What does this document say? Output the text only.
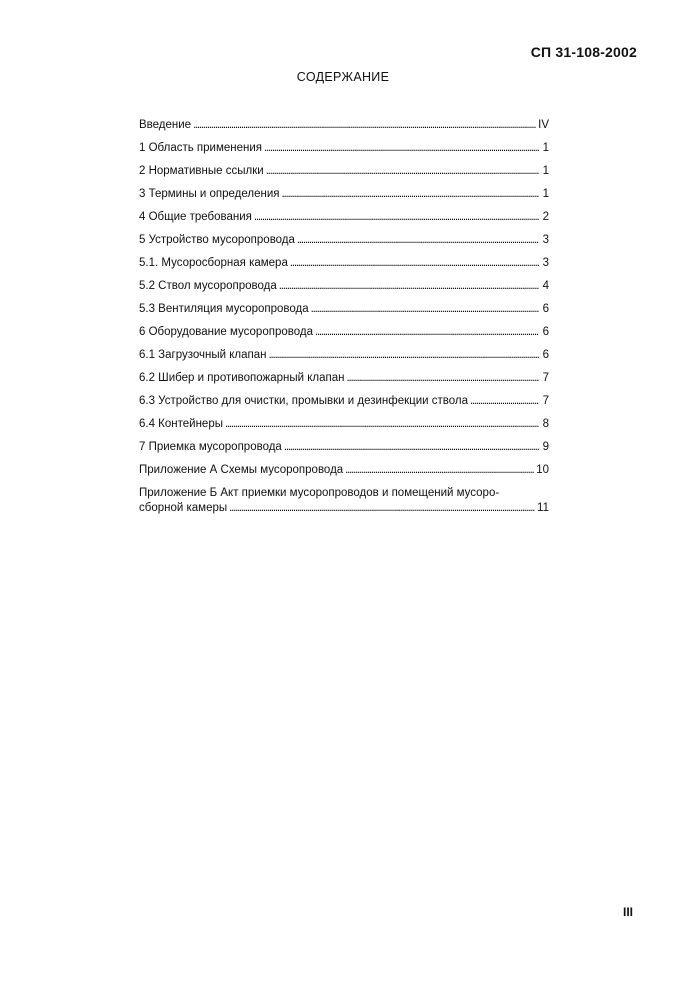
СП 31-108-2002
СОДЕРЖАНИЕ
Введение . . .	IV
1 Область применения . . .	1
2 Нормативные ссылки . . .	1
3 Термины и определения . . .	1
4 Общие требования . . .	2
5 Устройство мусоропровода . . .	3
5.1. Мусоросборная камера . . .	3
5.2 Ствол мусоропровода . . .	4
5.3 Вентиляция мусоропровода . . .	6
6 Оборудование мусоропровода . . .	6
6.1 Загрузочный клапан . . .	6
6.2 Шибер и противопожарный клапан . . .	7
6.3 Устройство для очистки, промывки и дезинфекции ствола . . .	7
6.4 Контейнеры . . .	8
7 Приемка мусоропровода . . .	9
Приложение А Схемы мусоропровода . . .	10
Приложение Б Акт приемки мусоропроводов и помещений мусоро-
сборной камеры . . .	11
III
